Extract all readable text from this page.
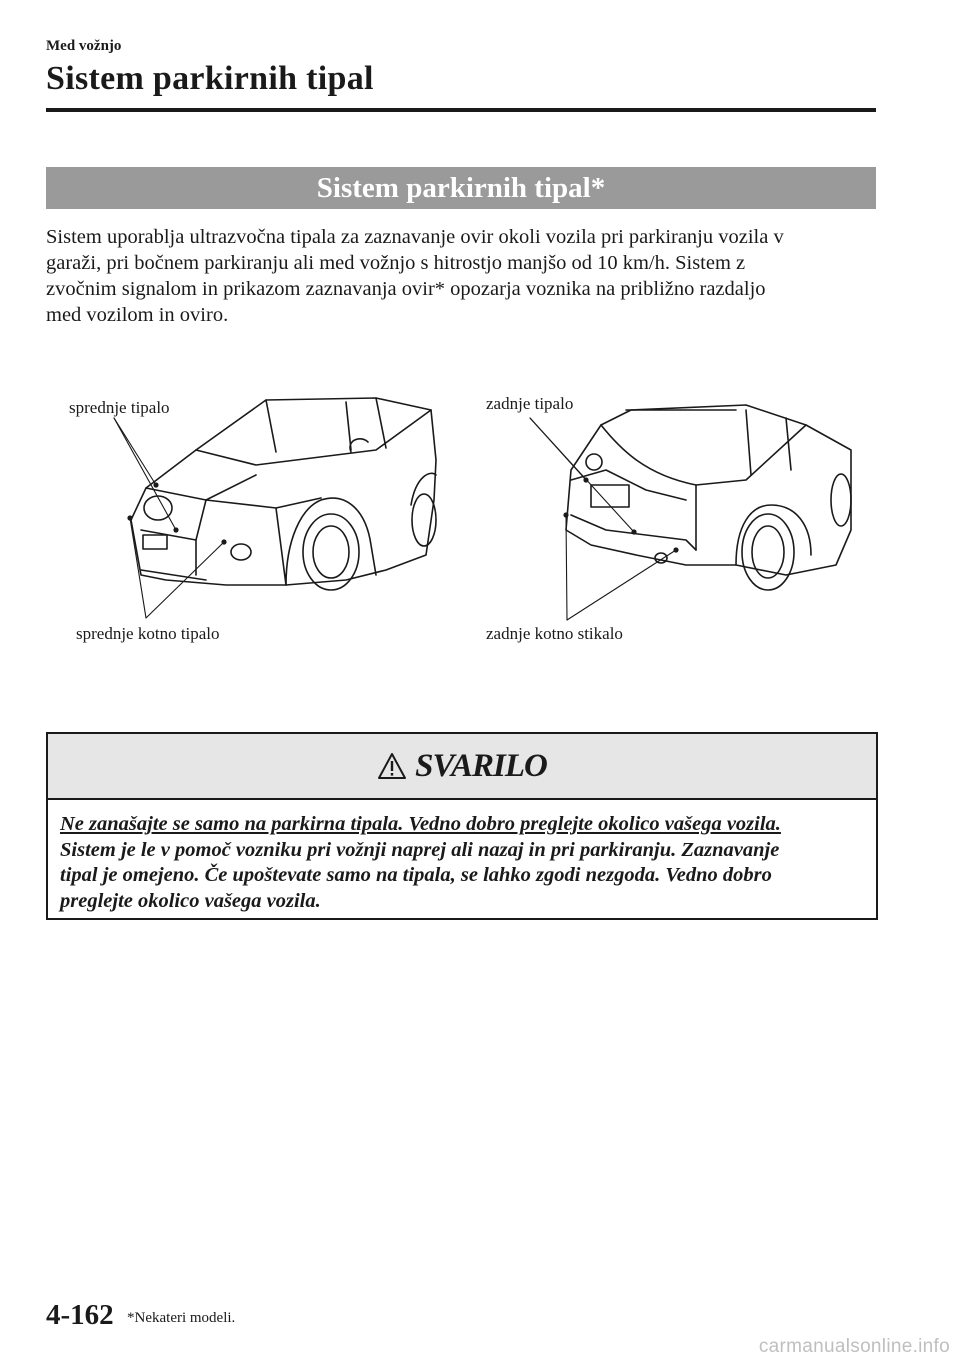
Med vožnjo
Sistem parkirnih tipal
Sistem parkirnih tipal*
Sistem uporablja ultrazvočna tipala za zaznavanje ovir okoli vozila pri parkiranju vozila v
garaži, pri bočnem parkiranju ali med vožnjo s hitrostjo manjšo od 10 km/h. Sistem z
zvočnim signalom in prikazom zaznavanja ovir* opozarja voznika na približno razdaljo
med vozilom in oviro.
sprednje tipalo
sprednje kotno tipalo
zadnje tipalo
zadnje kotno stikalo
SVARILO
Ne zanašajte se samo na parkirna tipala. Vedno dobro preglejte okolico vašega vozila.
Sistem je le v pomoč vozniku pri vožnji naprej ali nazaj in pri parkiranju. Zaznavanje
tipal je omejeno. Če upoštevate samo na tipala, se lahko zgodi nezgoda. Vedno dobro
preglejte okolico vašega vozila.
4-162 *Nekateri modeli.
carmanualsonline.info
